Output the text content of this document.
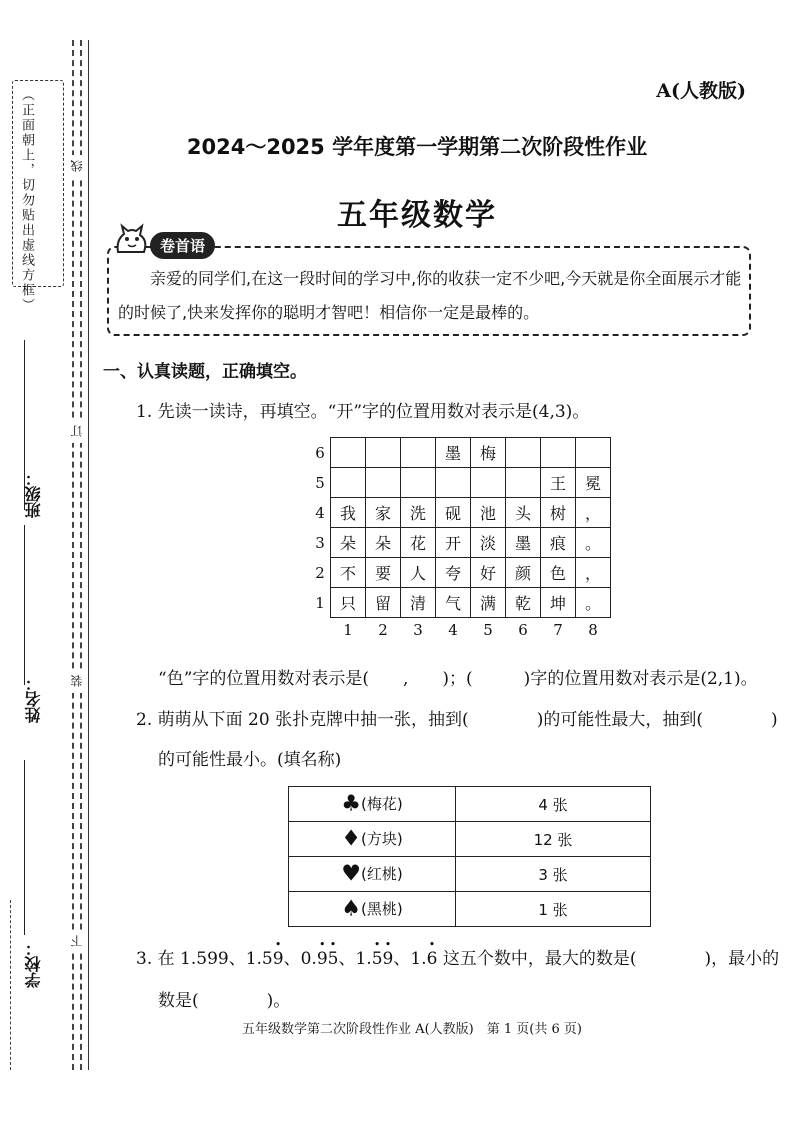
（正面朝上，切勿贴出虚线方框）	线
订
装
下
班级：
姓名：
学校：
A(人教版)
2024～2025 学年度第一学期第二次阶段性作业
五年级数学
卷首语
亲爱的同学们,在这一段时间的学习中,你的收获一定不少吧,今天就是你全面展示才能的时候了,快来发挥你的聪明才智吧！相信你一定是最棒的。
一、认真读题，正确填空。
1. 先读一读诗，再填空。“开”字的位置用数对表示是(4,3)。
6				墨	梅			
5							王	冕
4	我	家	洗	砚	池	头	树	，
3	朵	朵	花	开	淡	墨	痕	。
2	不	要	人	夸	好	颜	色	，
1	只	留	清	气	满	乾	坤	。
	1	2	3	4	5	6	7	8
“色”字的位置用数对表示是(　　,　　)；(　　　)字的位置用数对表示是(2,1)。
2. 萌萌从下面 20 张扑克牌中抽一张，抽到(　　　　)的可能性最大，抽到(　　　　)
的可能性最小。(填名称)
♣(梅花)	4 张
♦(方块)	12 张
♥(红桃)	3 张
♠(黑桃)	1 张
3. 在 1.599、1.5• 9、0.• 9• 5、1.• 5• 9、1.• 6 这五个数中，最大的数是(　　　　)，最小的
数是(　　　　)。
五年级数学第二次阶段性作业 A(人教版)　第 1 页(共 6 页)
